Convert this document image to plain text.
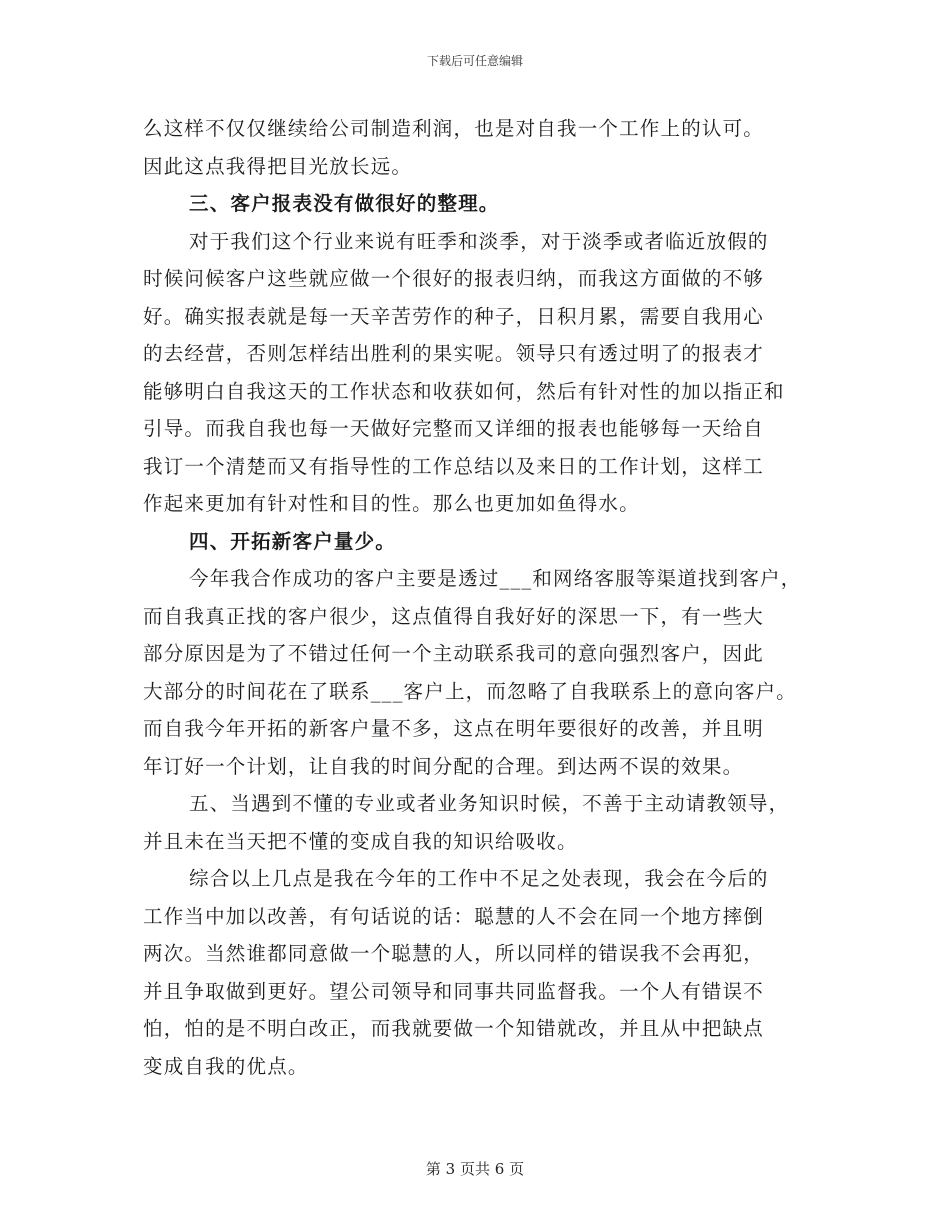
下载后可任意编辑
么这样不仅仅继续给公司制造利润，也是对自我一个工作上的认可。
因此这点我得把目光放长远。
三、客户报表没有做很好的整理。
对于我们这个行业来说有旺季和淡季，对于淡季或者临近放假的
时候问候客户这些就应做一个很好的报表归纳，而我这方面做的不够
好。确实报表就是每一天辛苦劳作的种子，日积月累，需要自我用心
的去经营，否则怎样结出胜利的果实呢。领导只有透过明了的报表才
能够明白自我这天的工作状态和收获如何，然后有针对性的加以指正和
引导。而我自我也每一天做好完整而又详细的报表也能够每一天给自
我订一个清楚而又有指导性的工作总结以及来日的工作计划，这样工
作起来更加有针对性和目的性。那么也更加如鱼得水。
四、开拓新客户量少。
今年我合作成功的客户主要是透过___和网络客服等渠道找到客户，
而自我真正找的客户很少，这点值得自我好好的深思一下，有一些大
部分原因是为了不错过任何一个主动联系我司的意向强烈客户，因此
大部分的时间花在了联系___客户上，而忽略了自我联系上的意向客户。
而自我今年开拓的新客户量不多，这点在明年要很好的改善，并且明
年订好一个计划，让自我的时间分配的合理。到达两不误的效果。
五、当遇到不懂的专业或者业务知识时候，不善于主动请教领导，
并且未在当天把不懂的变成自我的知识给吸收。
综合以上几点是我在今年的工作中不足之处表现，我会在今后的
工作当中加以改善，有句话说的话：聪慧的人不会在同一个地方摔倒
两次。当然谁都同意做一个聪慧的人，所以同样的错误我不会再犯，
并且争取做到更好。望公司领导和同事共同监督我。一个人有错误不
怕，怕的是不明白改正，而我就要做一个知错就改，并且从中把缺点
变成自我的优点。
第 3 页共 6 页
